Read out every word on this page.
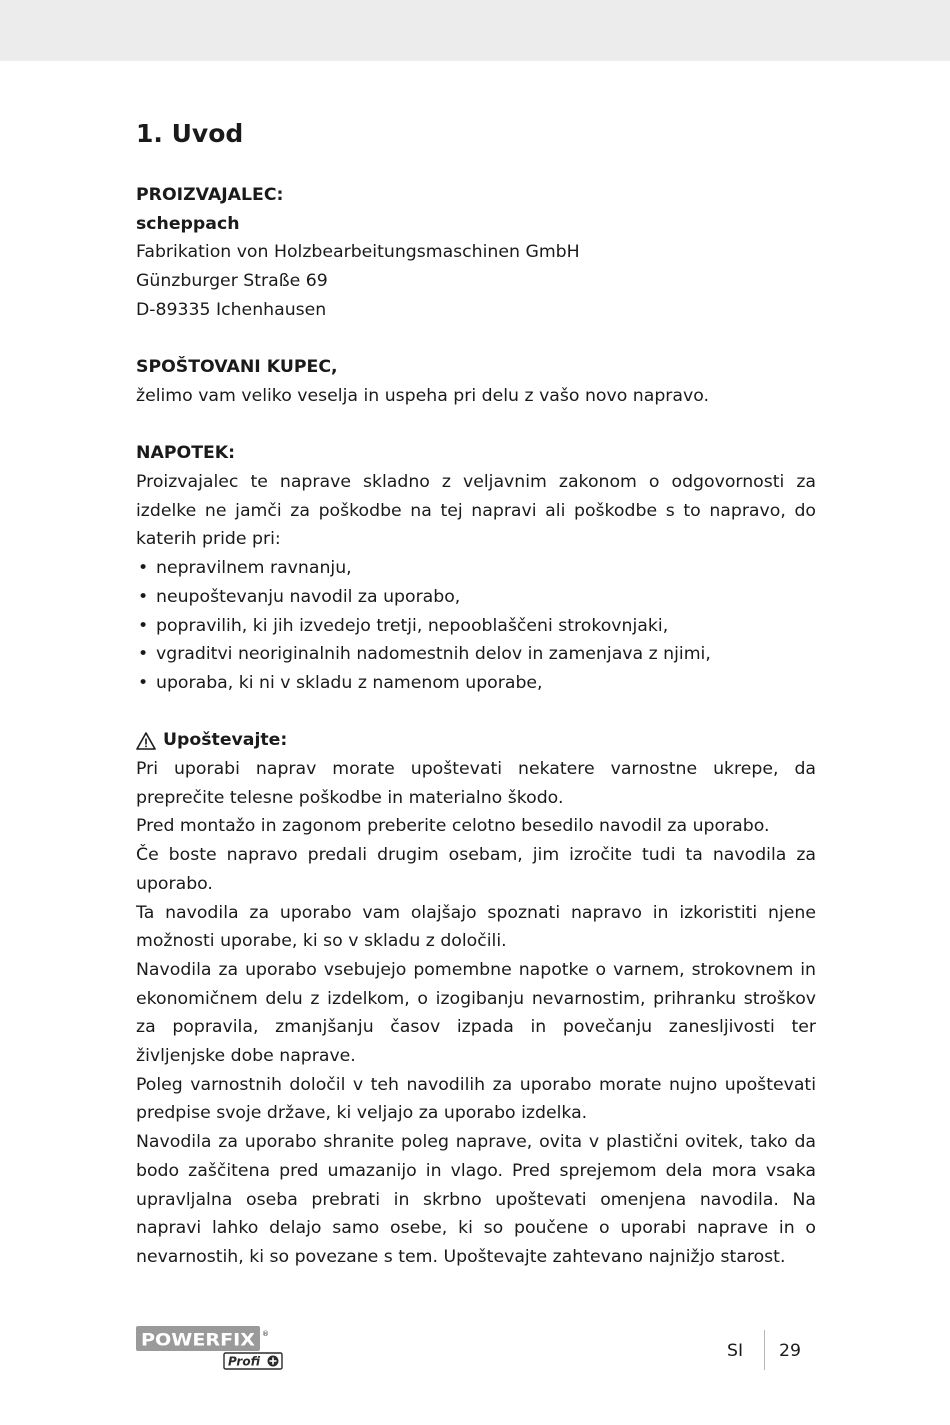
1. Uvod
PROIZVAJALEC:
scheppach
Fabrikation von Holzbearbeitungsmaschinen GmbH
Günzburger Straße 69
D-89335 Ichenhausen
SPOŠTOVANI KUPEC,

želimo vam veliko veselja in uspeha pri delu z vašo novo napravo.

NAPOTEK:

Proizvajalec te naprave skladno z veljavnim zakonom o odgovornosti za izdelke ne jamči za poškodbe na tej napravi ali poškodbe s to napravo, do katerih pride pri:

• nepravilnem ravnanju,
• neupoštevanju navodil za uporabo,
• popravilih, ki jih izvedejo tretji, nepooblaščeni strokovnjaki,
• vgraditvi neoriginalnih nadomestnih delov in zamenjava z njimi,
• uporaba, ki ni v skladu z namenom uporabe,
Upoštevajte:

Pri uporabi naprav morate upoštevati nekatere varnostne ukrepe, da preprečite telesne poškodbe in materialno škodo.

Pred montažo in zagonom preberite celotno besedilo navodil za uporabo.

Če boste napravo predali drugim osebam, jim izročite tudi ta navodila za uporabo.

Ta navodila za uporabo vam olajšajo spoznati napravo in izkoristiti njene možnosti uporabe, ki so v skladu z določili.

Navodila za uporabo vsebujejo pomembne napotke o varnem, strokovnem in ekonomičnem delu z izdelkom, o izogibanju nevarnostim, prihranku stroškov za popravila, zmanjšanju časov izpada in povečanju zanesljivosti ter življenjske dobe naprave.

Poleg varnostnih določil v teh navodilih za uporabo morate nujno upoštevati predpise svoje države, ki veljajo za uporabo izdelka.

Navodila za uporabo shranite poleg naprave, ovita v plastični ovitek, tako da bodo zaščitena pred umazanijo in vlago. Pred sprejemom dela mora vsaka upravljalna oseba prebrati in skrbno upoštevati omenjena navodila. Na napravi lahko delajo samo osebe, ki so poučene o uporabi naprave in o nevarnostih, ki so povezane s tem. Upoštevajte zahtevano najnižjo starost.

POWERFIX ®
Profi
SI 29
